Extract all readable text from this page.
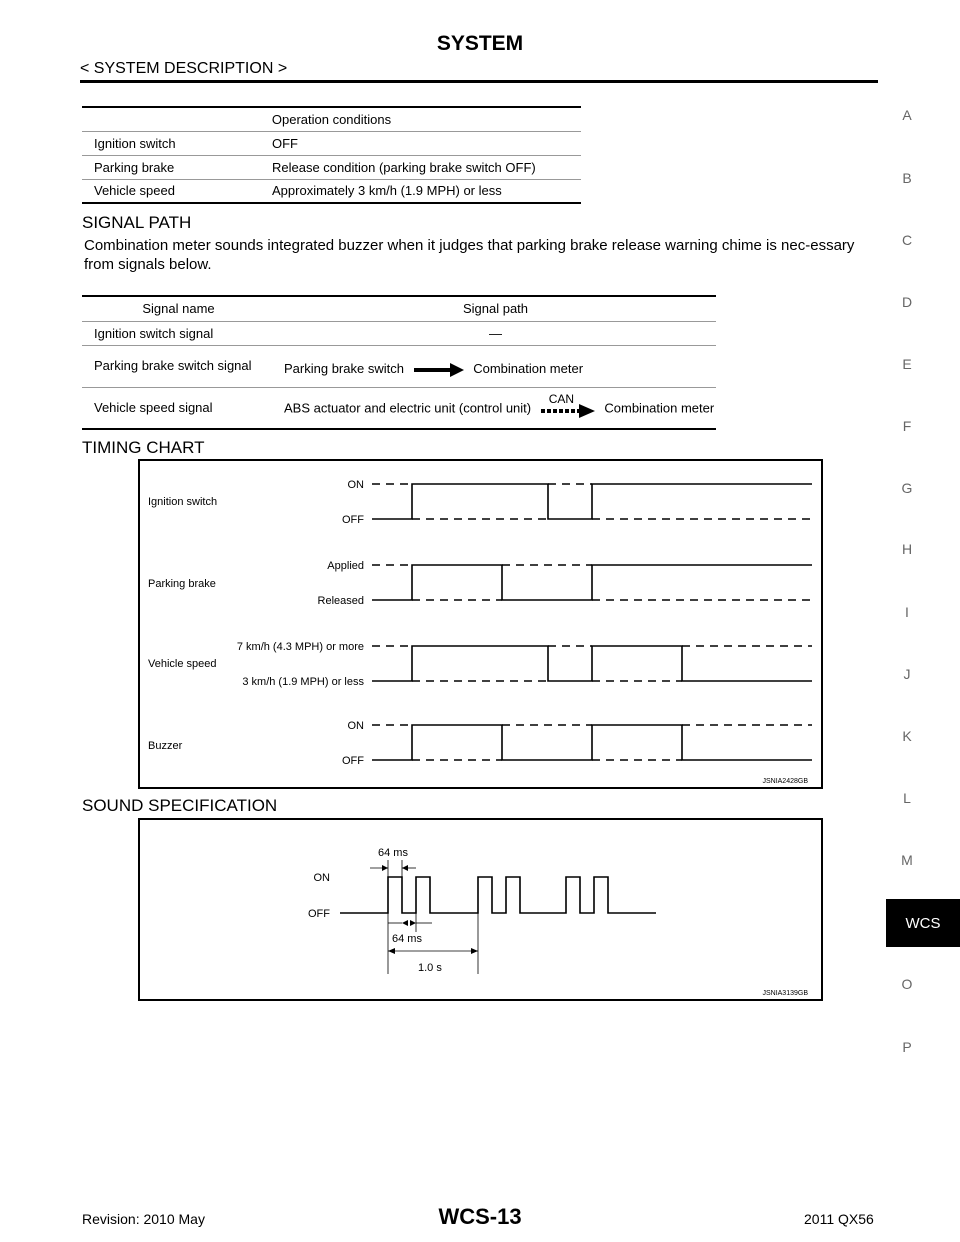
SYSTEM
< SYSTEM DESCRIPTION >
Operation conditions	
Ignition switch	OFF
Parking brake	Release condition (parking brake switch OFF)
Vehicle speed	Approximately 3 km/h (1.9 MPH) or less
SIGNAL PATH
Combination meter sounds integrated buzzer when it judges that parking brake release warning chime is nec-essary from signals below.
Signal name	Signal path
Ignition switch signal	—
Parking brake switch signal	Parking brake switch Combination meter
Vehicle speed signal	ABS actuator and electric unit (control unit)
CAN
Combination meter
TIMING CHART
Ignition switch
ON
OFF
Parking brake
Applied
Released
Vehicle speed
7 km/h (4.3 MPH) or more
3 km/h (1.9 MPH) or less
Buzzer
ON
OFF
JSNIA2428GB
SOUND SPECIFICATION
ON
OFF
64 ms
64 ms
1.0 s
JSNIA3139GB
A
B
C
D
E
F
G
H
I
J
K
L
M
O
P
WCS
Revision: 2010 May	WCS-13	2011 QX56
